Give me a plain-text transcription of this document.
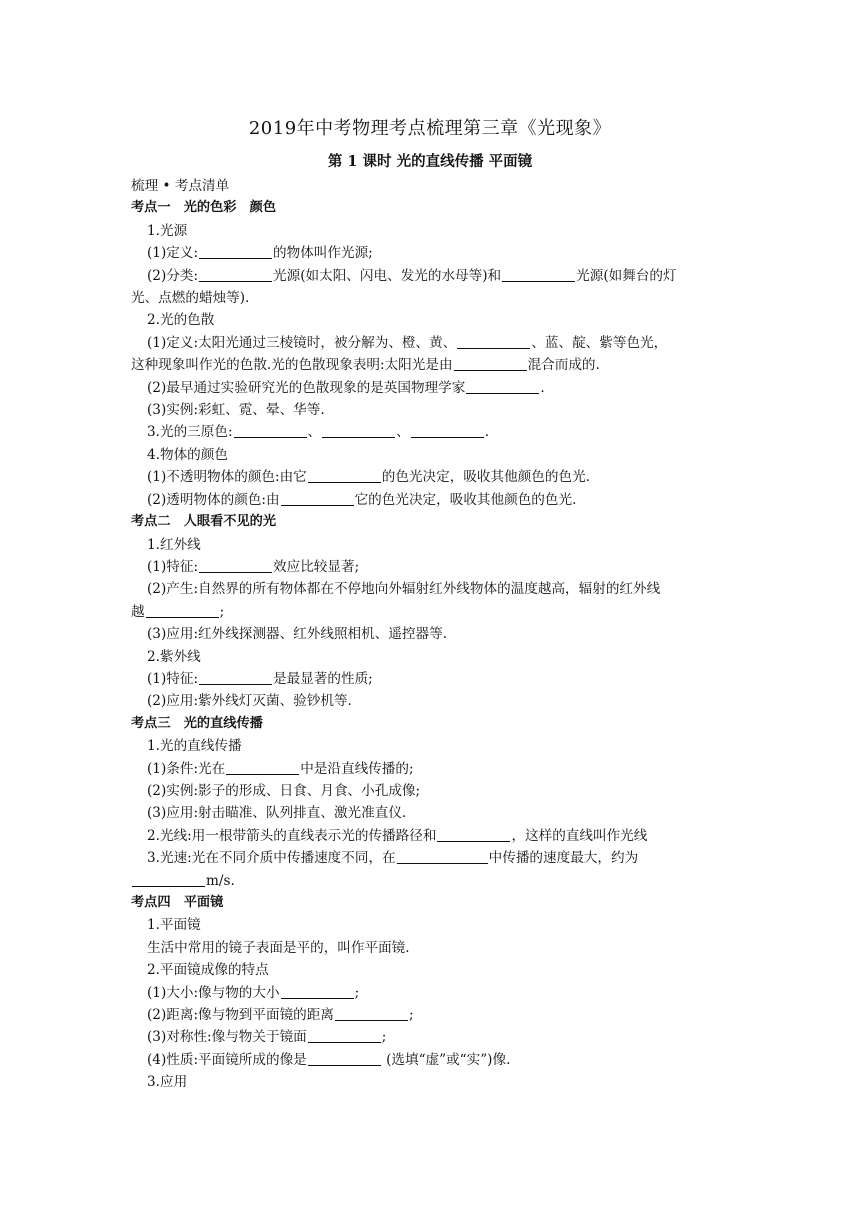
2019年中考物理考点梳理第三章《光现象》
第 1 课时 光的直线传播 平面镜
梳理 • 考点清单
考点一　光的色彩　颜色
1.光源
(1)定义:	的物体叫作光源;
(2)分类:	光源(如太阳、闪电、发光的水母等)和	光源(如舞台的灯
光、点燃的蜡烛等).
2.光的色散
(1)定义:太阳光通过三棱镜时，被分解为、橙、黄、	、蓝、靛、紫等色光，
这种现象叫作光的色散.光的色散现象表明:太阳光是由	混合而成的.
(2)最早通过实验研究光的色散现象的是英国物理学家	.
(3)实例:彩虹、霓、晕、华等.
3.光的三原色:	、	、	.
4.物体的颜色
(1)不透明物体的颜色:由它	的色光决定，吸收其他颜色的色光.
(2)透明物体的颜色:由	它的色光决定，吸收其他颜色的色光.
考点二　人眼看不见的光
1.红外线
(1)特征:	效应比较显著;
(2)产生:自然界的所有物体都在不停地向外辐射红外线物体的温度越高，辐射的红外线
越	;
(3)应用:红外线探测器、红外线照相机、遥控器等.
2.紫外线
(1)特征:	是最显著的性质;
(2)应用:紫外线灯灭菌、验钞机等.
考点三　光的直线传播
1.光的直线传播
(1)条件:光在	中是沿直线传播的;
(2)实例:影子的形成、日食、月食、小孔成像;
(3)应用:射击瞄准、队列排直、激光准直仪.
2.光线:用一根带箭头的直线表示光的传播路径和	，这样的直线叫作光线
3.光速:光在不同介质中传播速度不同，在	中传播的速度最大，约为
m/s.
考点四　平面镜
1.平面镜
生活中常用的镜子表面是平的，叫作平面镜.
2.平面镜成像的特点
(1)大小:像与物的大小	;
(2)距离:像与物到平面镜的距离	;
(3)对称性:像与物关于镜面	;
(4)性质:平面镜所成的像是	(选填“虚”或“实”)像.
3.应用
